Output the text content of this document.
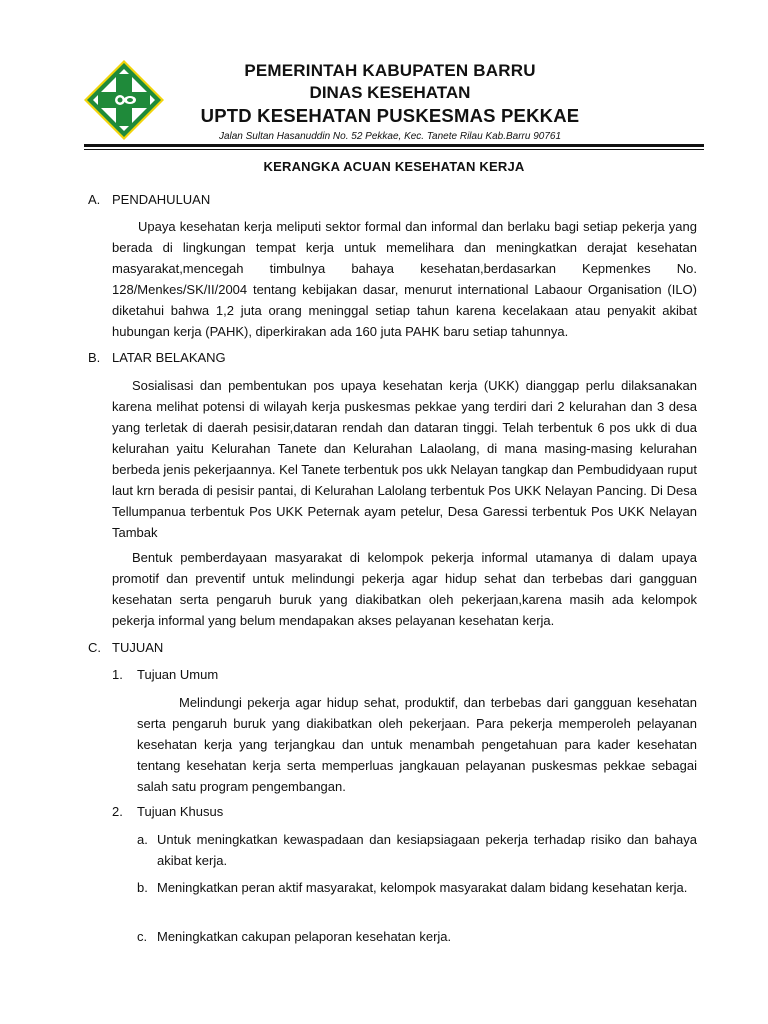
PEMERINTAH KABUPATEN BARRU
DINAS KESEHATAN
UPTD KESEHATAN PUSKESMAS PEKKAE
Jalan Sultan Hasanuddin No. 52 Pekkae, Kec. Tanete Rilau Kab.Barru 90761
KERANGKA ACUAN KESEHATAN KERJA
A. PENDAHULUAN
Upaya kesehatan kerja meliputi sektor formal dan informal dan berlaku bagi setiap pekerja yang berada di lingkungan tempat kerja untuk memelihara dan meningkatkan derajat kesehatan masyarakat,mencegah timbulnya bahaya kesehatan,berdasarkan Kepmenkes No. 128/Menkes/SK/II/2004 tentang kebijakan dasar, menurut international Labaour Organisation (ILO) diketahui bahwa 1,2 juta orang meninggal setiap tahun karena kecelakaan atau penyakit akibat hubungan kerja (PAHK), diperkirakan ada 160 juta PAHK baru setiap tahunnya.
B. LATAR BELAKANG
Sosialisasi dan pembentukan pos upaya kesehatan kerja (UKK) dianggap perlu dilaksanakan karena melihat potensi di wilayah kerja puskesmas pekkae yang terdiri dari 2 kelurahan dan 3 desa yang terletak di daerah pesisir,dataran rendah dan dataran tinggi. Telah terbentuk 6 pos ukk di dua kelurahan yaitu Kelurahan Tanete dan Kelurahan Lalaolang, di mana masing-masing kelurahan berbeda jenis pekerjaannya. Kel Tanete terbentuk pos ukk Nelayan tangkap dan Pembudidyaan ruput laut krn berada di pesisir pantai, di Kelurahan Lalolang terbentuk Pos UKK Nelayan Pancing. Di Desa Tellumpanua terbentuk Pos UKK Peternak ayam petelur, Desa Garessi terbentuk Pos UKK Nelayan Tambak
Bentuk pemberdayaan masyarakat di kelompok pekerja informal utamanya di dalam upaya promotif dan preventif untuk melindungi pekerja agar hidup sehat dan terbebas dari gangguan kesehatan serta pengaruh buruk yang diakibatkan oleh pekerjaan,karena masih ada kelompok pekerja informal yang belum mendapakan akses pelayanan kesehatan kerja.
C. TUJUAN
1. Tujuan Umum
Melindungi pekerja agar hidup sehat, produktif, dan terbebas dari gangguan kesehatan serta pengaruh buruk yang diakibatkan oleh pekerjaan. Para pekerja memperoleh pelayanan kesehatan kerja yang terjangkau dan untuk menambah pengetahuan para kader kesehatan tentang kesehatan kerja serta memperluas jangkauan pelayanan puskesmas pekkae sebagai salah satu program pengembangan.
2. Tujuan Khusus
a. Untuk meningkatkan kewaspadaan dan kesiapsiagaan pekerja terhadap risiko dan bahaya akibat kerja.
b. Meningkatkan peran aktif masyarakat, kelompok masyarakat dalam bidang kesehatan kerja.
c. Meningkatkan cakupan pelaporan kesehatan kerja.
